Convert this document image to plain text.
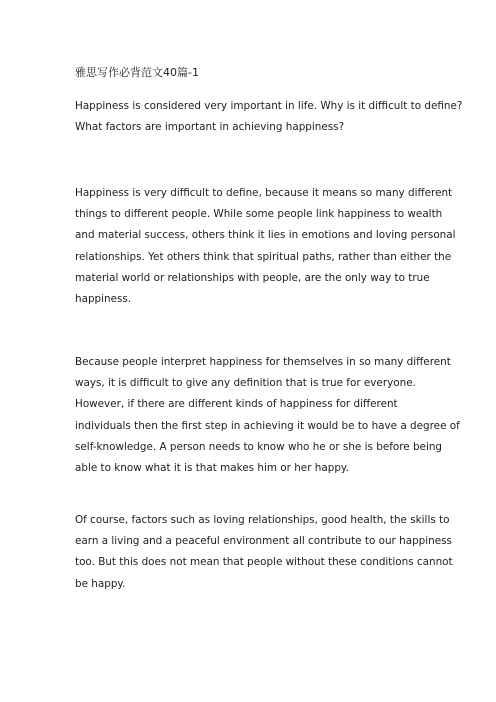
雅思写作必背范文40篇-1
Happiness is considered very important in life. Why is it difficult to define?
What factors are important in achieving happiness?
Happiness is very difficult to define, because it means so many different
things to different people. While some people link happiness to wealth
and material success, others think it lies in emotions and loving personal
relationships. Yet others think that spiritual paths, rather than either the
material world or relationships with people, are the only way to true
happiness.
Because people interpret happiness for themselves in so many different
ways, it is difficult to give any definition that is true for everyone.
However, if there are different kinds of happiness for different
individuals then the first step in achieving it would be to have a degree of
self-knowledge. A person needs to know who he or she is before being
able to know what it is that makes him or her happy.
Of course, factors such as loving relationships, good health, the skills to
earn a living and a peaceful environment all contribute to our happiness
too. But this does not mean that people without these conditions cannot
be happy.
